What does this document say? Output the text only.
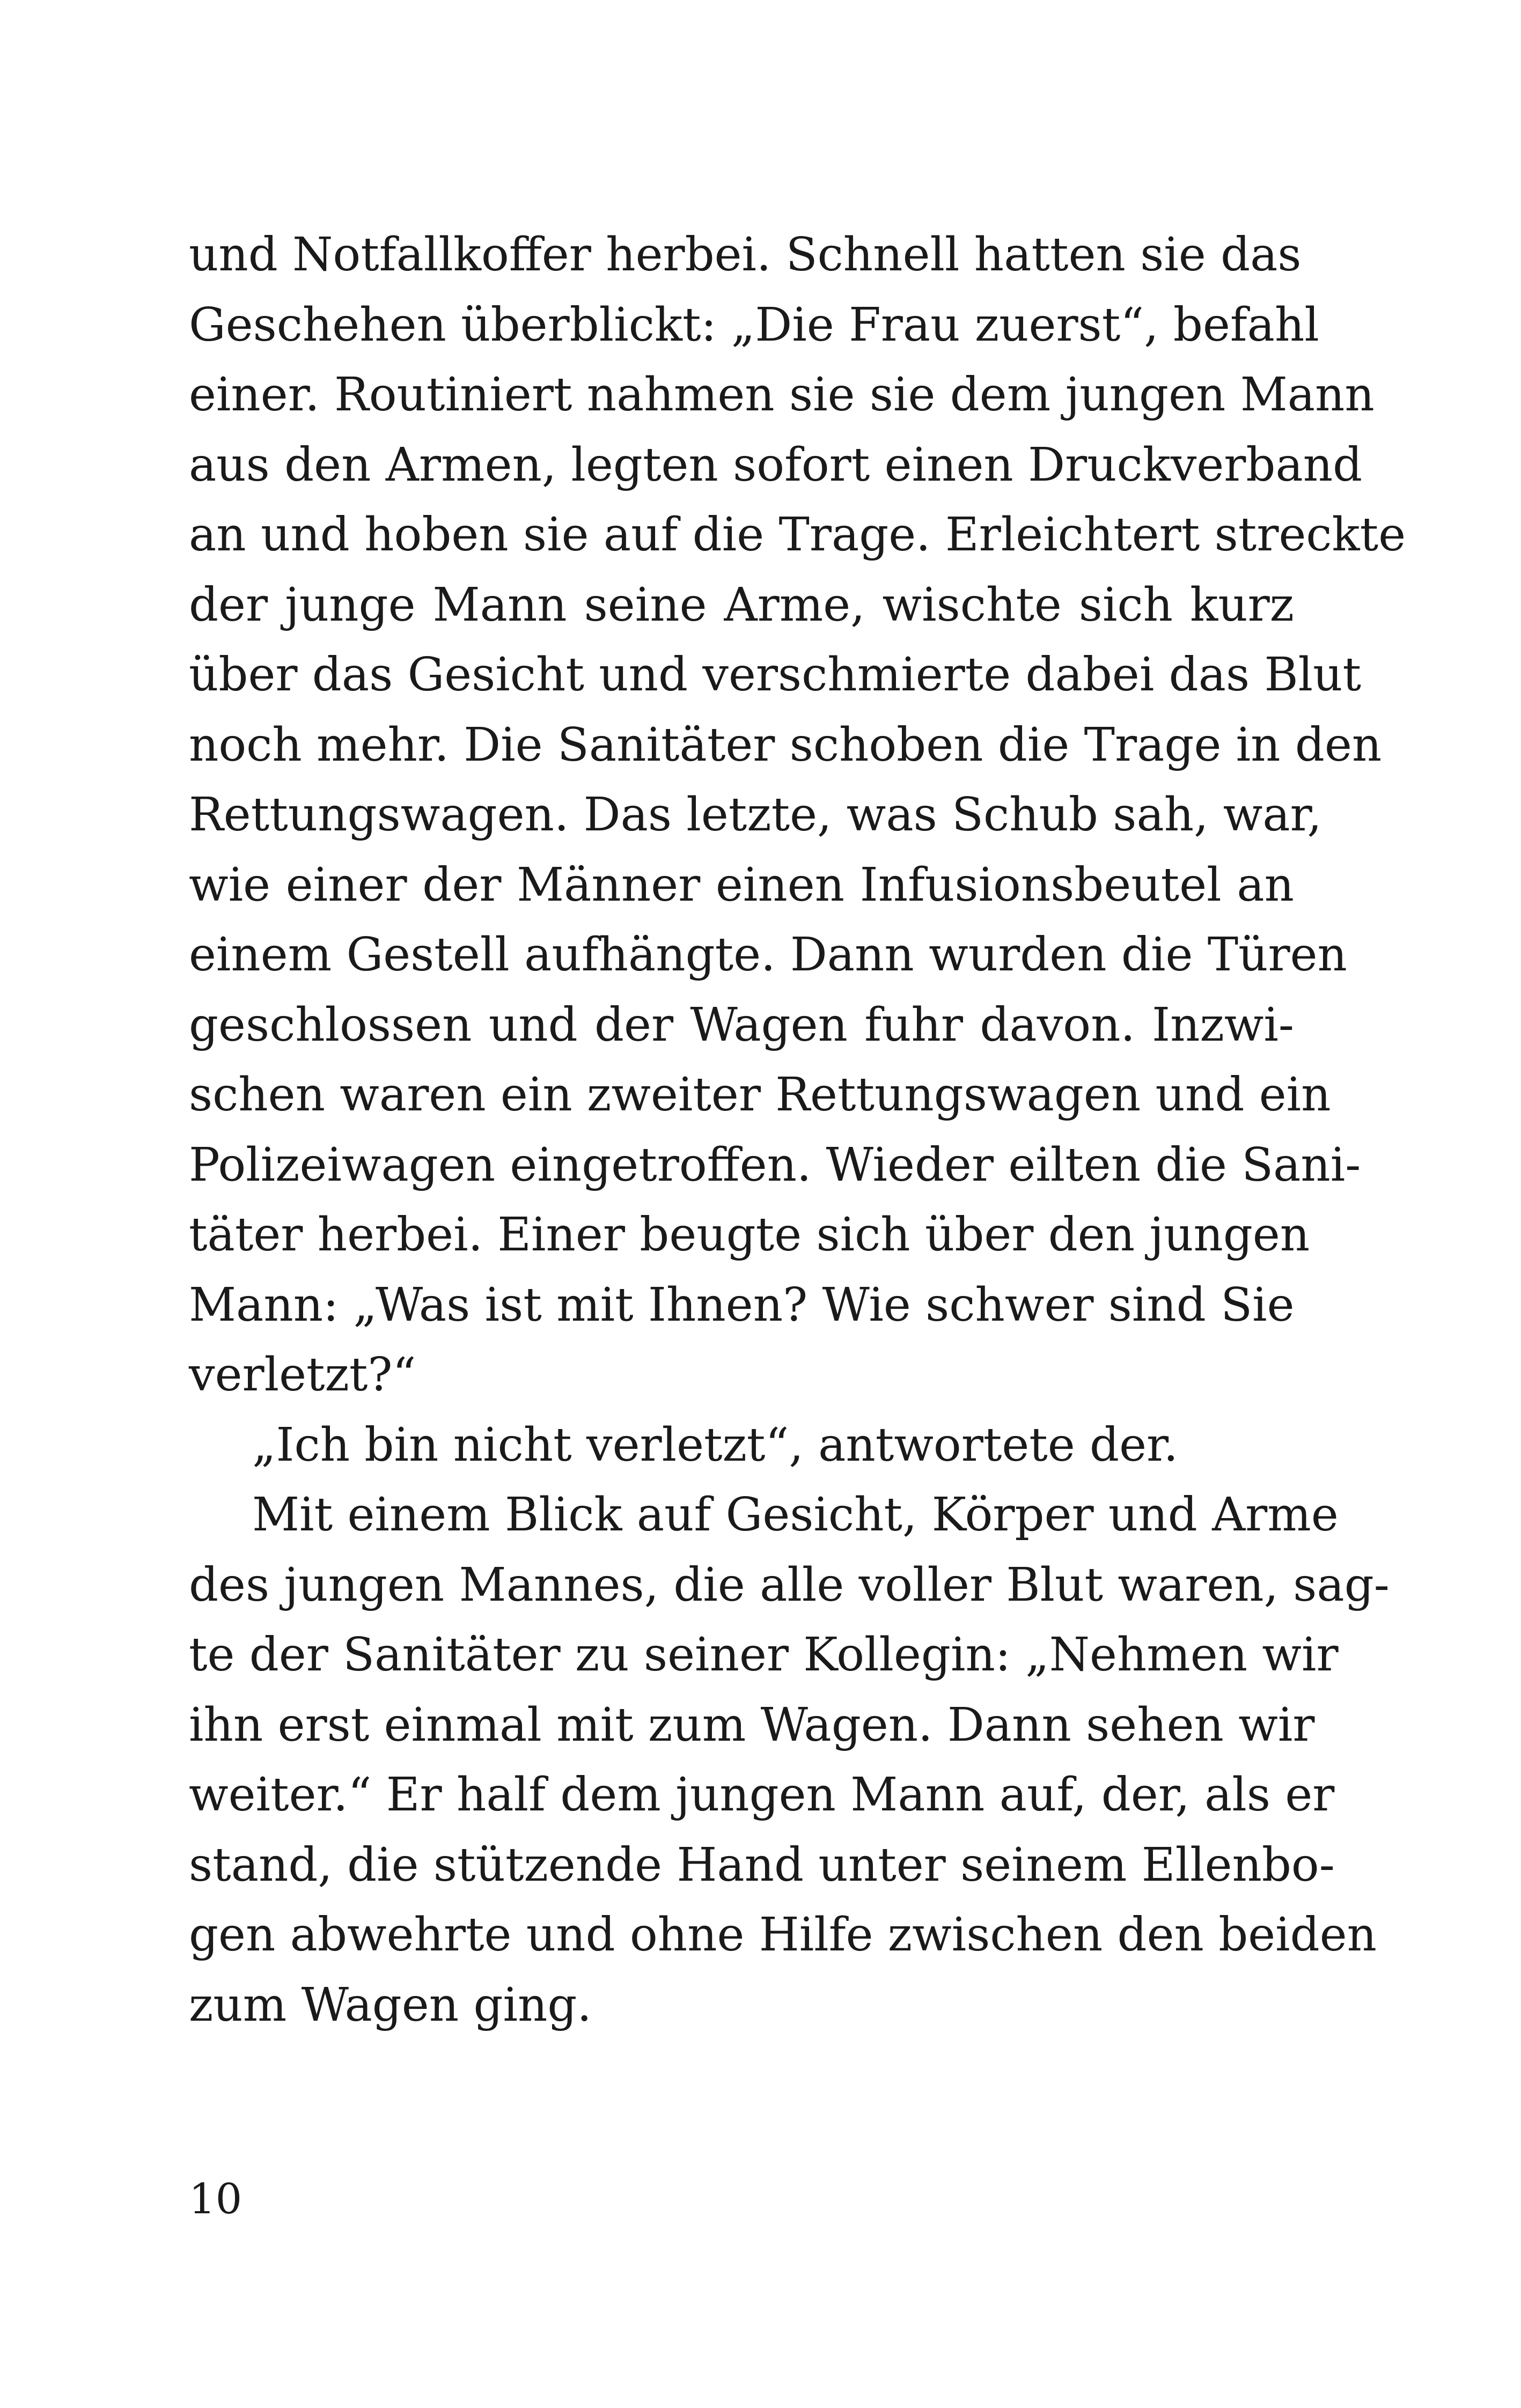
und Notfallkoffer herbei. Schnell hatten sie das
Geschehen überblickt: „Die Frau zuerst“, befahl
einer. Routiniert nahmen sie sie dem jungen Mann
aus den Armen, legten sofort einen Druckverband
an und hoben sie auf die Trage. Erleichtert streckte
der junge Mann seine Arme, wischte sich kurz
über das Gesicht und verschmierte dabei das Blut
noch mehr. Die Sanitäter schoben die Trage in den
Rettungswagen. Das letzte, was Schub sah, war,
wie einer der Männer einen Infusionsbeutel an
einem Gestell aufhängte. Dann wurden die Türen
geschlossen und der Wagen fuhr davon. Inzwi-
schen waren ein zweiter Rettungswagen und ein
Polizeiwagen eingetroffen. Wieder eilten die Sani-
täter herbei. Einer beugte sich über den jungen
Mann: „Was ist mit Ihnen? Wie schwer sind Sie
verletzt?“
„Ich bin nicht verletzt“, antwortete der.
Mit einem Blick auf Gesicht, Körper und Arme
des jungen Mannes, die alle voller Blut waren, sag-
te der Sanitäter zu seiner Kollegin: „Nehmen wir
ihn erst einmal mit zum Wagen. Dann sehen wir
weiter.“ Er half dem jungen Mann auf, der, als er
stand, die stützende Hand unter seinem Ellenbo-
gen abwehrte und ohne Hilfe zwischen den beiden
zum Wagen ging.
10
